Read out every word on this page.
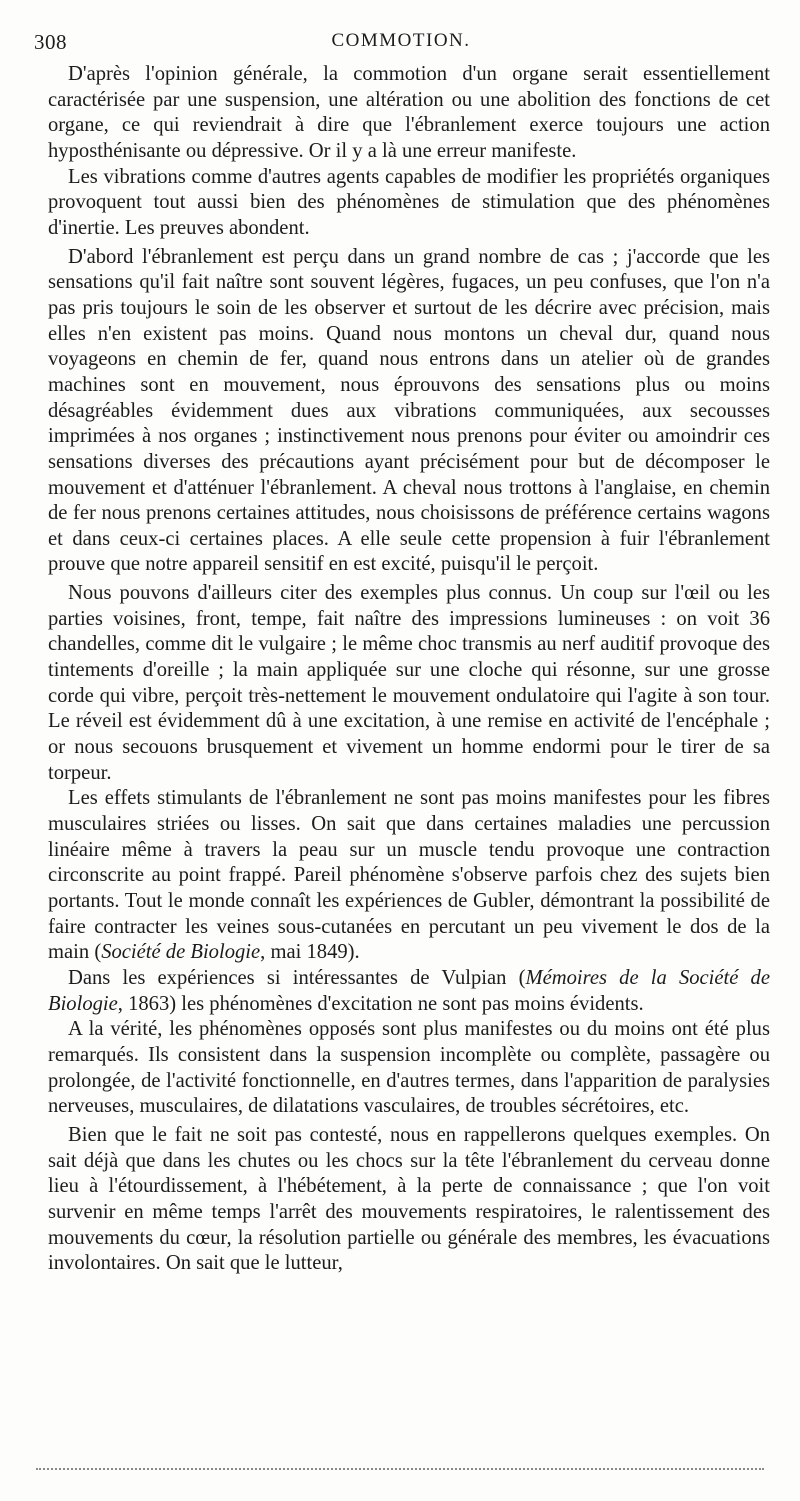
308	COMMOTION.

D'après l'opinion générale, la commotion d'un organe serait essentiellement caractérisée par une suspension, une altération ou une abolition des fonctions de cet organe, ce qui reviendrait à dire que l'ébranlement exerce toujours une action hyposthénisante ou dépressive. Or il y a là une erreur manifeste.

Les vibrations comme d'autres agents capables de modifier les propriétés organiques provoquent tout aussi bien des phénomènes de stimulation que des phénomènes d'inertie. Les preuves abondent.

D'abord l'ébranlement est perçu dans un grand nombre de cas ; j'accorde que les sensations qu'il fait naître sont souvent légères, fugaces, un peu confuses, que l'on n'a pas pris toujours le soin de les observer et surtout de les décrire avec précision, mais elles n'en existent pas moins. Quand nous montons un cheval dur, quand nous voyageons en chemin de fer, quand nous entrons dans un atelier où de grandes machines sont en mouvement, nous éprouvons des sensations plus ou moins désagréables évidemment dues aux vibrations communiquées, aux secousses imprimées à nos organes ; instinctivement nous prenons pour éviter ou amoindrir ces sensations diverses des précautions ayant précisément pour but de décomposer le mouvement et d'atténuer l'ébranlement. A cheval nous trottons à l'anglaise, en chemin de fer nous prenons certaines attitudes, nous choisissons de préférence certains wagons et dans ceux-ci certaines places. A elle seule cette propension à fuir l'ébranlement prouve que notre appareil sensitif en est excité, puisqu'il le perçoit.

Nous pouvons d'ailleurs citer des exemples plus connus. Un coup sur l'œil ou les parties voisines, front, tempe, fait naître des impressions lumineuses : on voit 36 chandelles, comme dit le vulgaire ; le même choc transmis au nerf auditif provoque des tintements d'oreille ; la main appliquée sur une cloche qui résonne, sur une grosse corde qui vibre, perçoit très-nettement le mouvement ondulatoire qui l'agite à son tour. Le réveil est évidemment dû à une excitation, à une remise en activité de l'encéphale ; or nous secouons brusquement et vivement un homme endormi pour le tirer de sa torpeur.

Les effets stimulants de l'ébranlement ne sont pas moins manifestes pour les fibres musculaires striées ou lisses. On sait que dans certaines maladies une percussion linéaire même à travers la peau sur un muscle tendu provoque une contraction circonscrite au point frappé. Pareil phénomène s'observe parfois chez des sujets bien portants. Tout le monde connaît les expériences de Gubler, démontrant la possibilité de faire contracter les veines sous-cutanées en percutant un peu vivement le dos de la main (Société de Biologie, mai 1849).

Dans les expériences si intéressantes de Vulpian (Mémoires de la Société de Biologie, 1863) les phénomènes d'excitation ne sont pas moins évidents.

A la vérité, les phénomènes opposés sont plus manifestes ou du moins ont été plus remarqués. Ils consistent dans la suspension incomplète ou complète, passagère ou prolongée, de l'activité fonctionnelle, en d'autres termes, dans l'apparition de paralysies nerveuses, musculaires, de dilatations vasculaires, de troubles sécrétoires, etc.

Bien que le fait ne soit pas contesté, nous en rappellerons quelques exemples. On sait déjà que dans les chutes ou les chocs sur la tête l'ébranlement du cerveau donne lieu à l'étourdissement, à l'hébétement, à la perte de connaissance ; que l'on voit survenir en même temps l'arrêt des mouvements respiratoires, le ralentissement des mouvements du cœur, la résolution partielle ou générale des membres, les évacuations involontaires. On sait que le lutteur,
